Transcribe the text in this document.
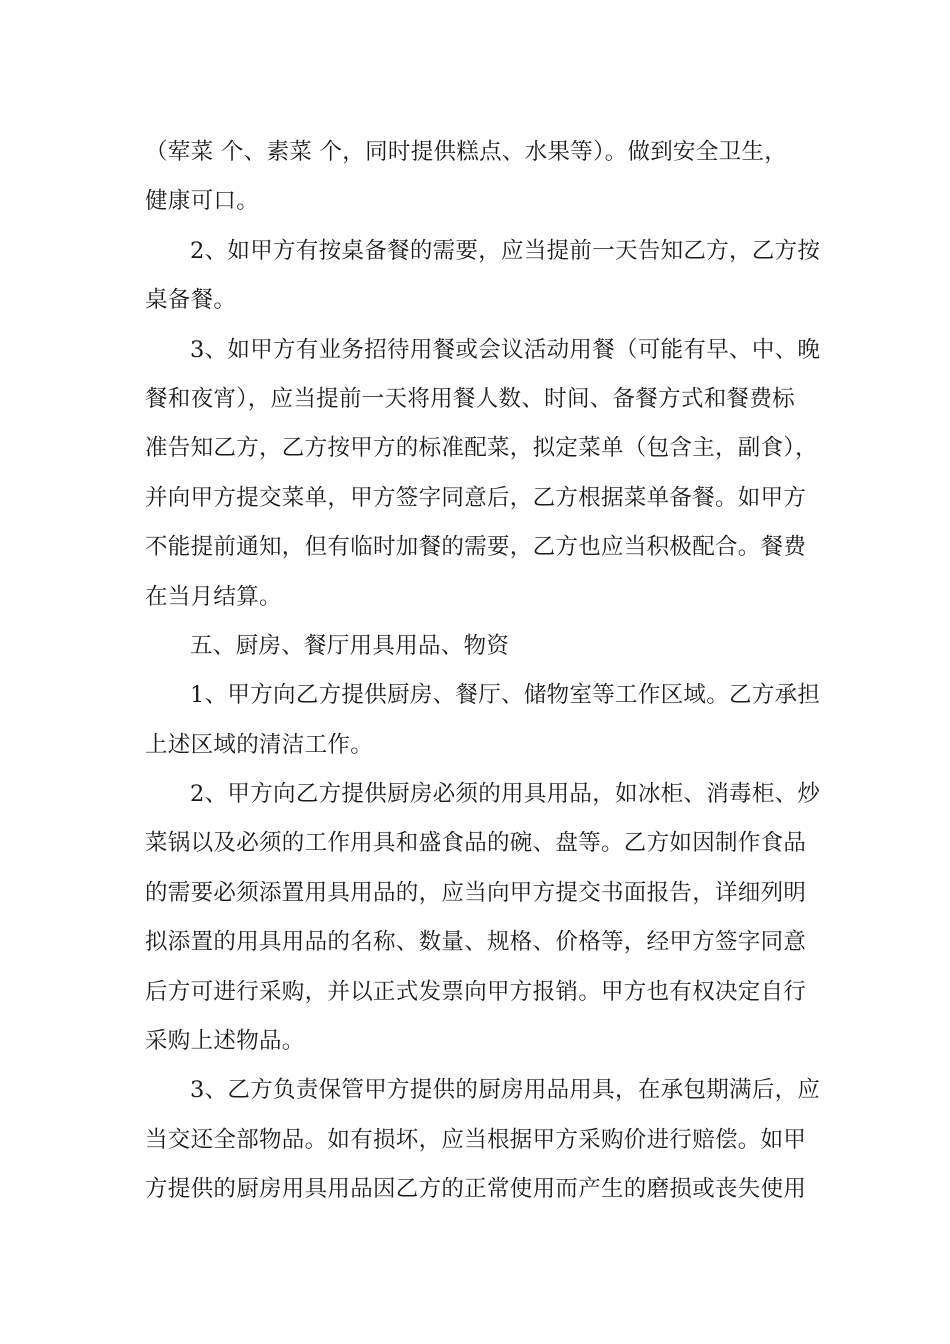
（荤菜 个、素菜 个，同时提供糕点、水果等）。做到安全卫生，
健康可口。
2、如甲方有按桌备餐的需要，应当提前一天告知乙方，乙方按
桌备餐。
3、如甲方有业务招待用餐或会议活动用餐（可能有早、中、晚
餐和夜宵），应当提前一天将用餐人数、时间、备餐方式和餐费标
准告知乙方，乙方按甲方的标准配菜，拟定菜单（包含主，副食），
并向甲方提交菜单，甲方签字同意后，乙方根据菜单备餐。如甲方
不能提前通知，但有临时加餐的需要，乙方也应当积极配合。餐费
在当月结算。
五、厨房、餐厅用具用品、物资
1、甲方向乙方提供厨房、餐厅、储物室等工作区域。乙方承担
上述区域的清洁工作。
2、甲方向乙方提供厨房必须的用具用品，如冰柜、消毒柜、炒
菜锅以及必须的工作用具和盛食品的碗、盘等。乙方如因制作食品
的需要必须添置用具用品的，应当向甲方提交书面报告，详细列明
拟添置的用具用品的名称、数量、规格、价格等，经甲方签字同意
后方可进行采购，并以正式发票向甲方报销。甲方也有权决定自行
采购上述物品。
3、乙方负责保管甲方提供的厨房用品用具，在承包期满后，应
当交还全部物品。如有损坏，应当根据甲方采购价进行赔偿。如甲
方提供的厨房用具用品因乙方的正常使用而产生的磨损或丧失使用
